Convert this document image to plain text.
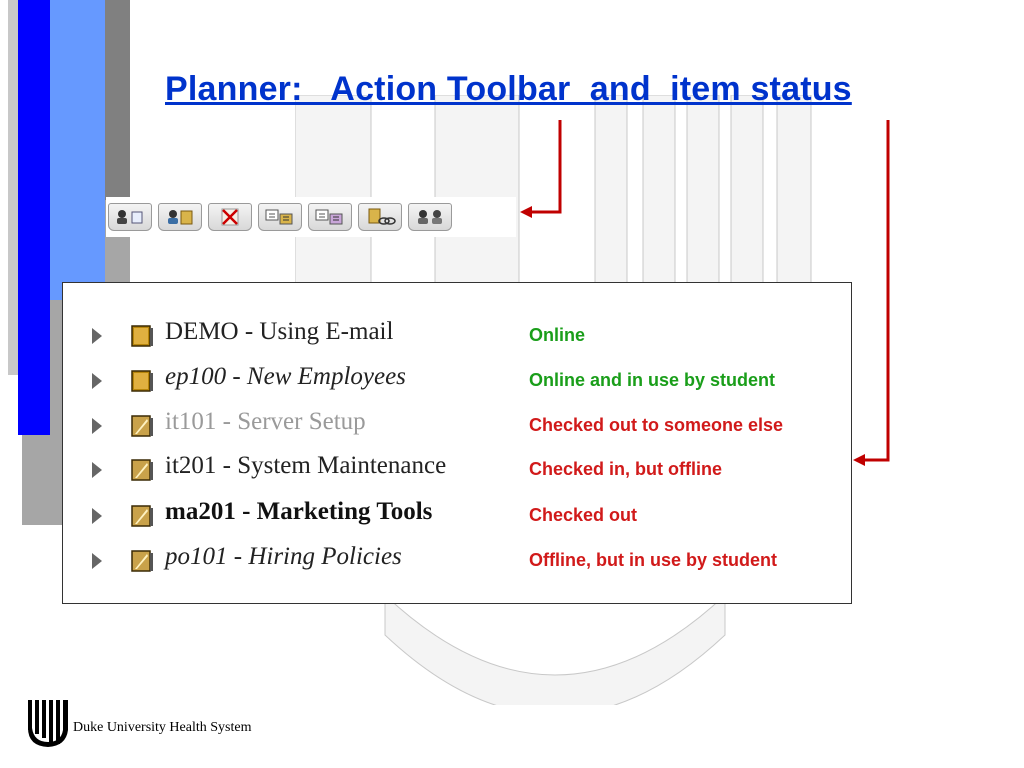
Planner:   Action Toolbar  and  item status
DEMO - Using E-mail	Online
ep100 - New Employees	Online and in use by student
it101 - Server Setup	Checked out to someone else
it201 - System Maintenance	Checked in, but offline
ma201 - Marketing Tools	Checked out
po101 - Hiring Policies	Offline, but in use by student
Duke University Health System
